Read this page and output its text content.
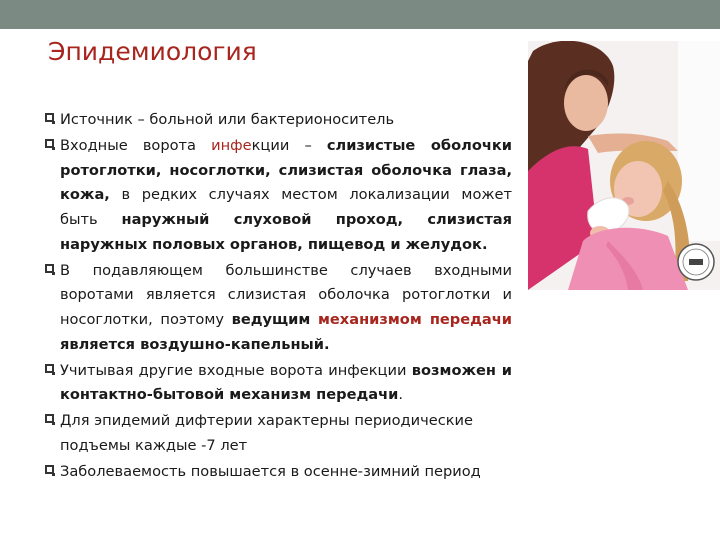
Эпидемиология
Источник – больной или бактерионоситель
Входные ворота инфекции – слизистые оболочки ротоглотки, носоглотки, слизистая оболочка глаза, кожа, в редких случаях местом локализации может быть наружный слуховой проход, слизистая наружных половых органов, пищевод и желудок.
В подавляющем большинстве случаев входными воротами является слизистая оболочка ротоглотки и носоглотки, поэтому ведущим механизмом передачи является воздушно-капельный.
Учитывая другие входные ворота инфекции возможен и контактно-бытовой механизм передачи.
Для эпидемий дифтерии характерны периодические подъемы каждые -7 лет
Заболеваемость повышается в осенне-зимний период
